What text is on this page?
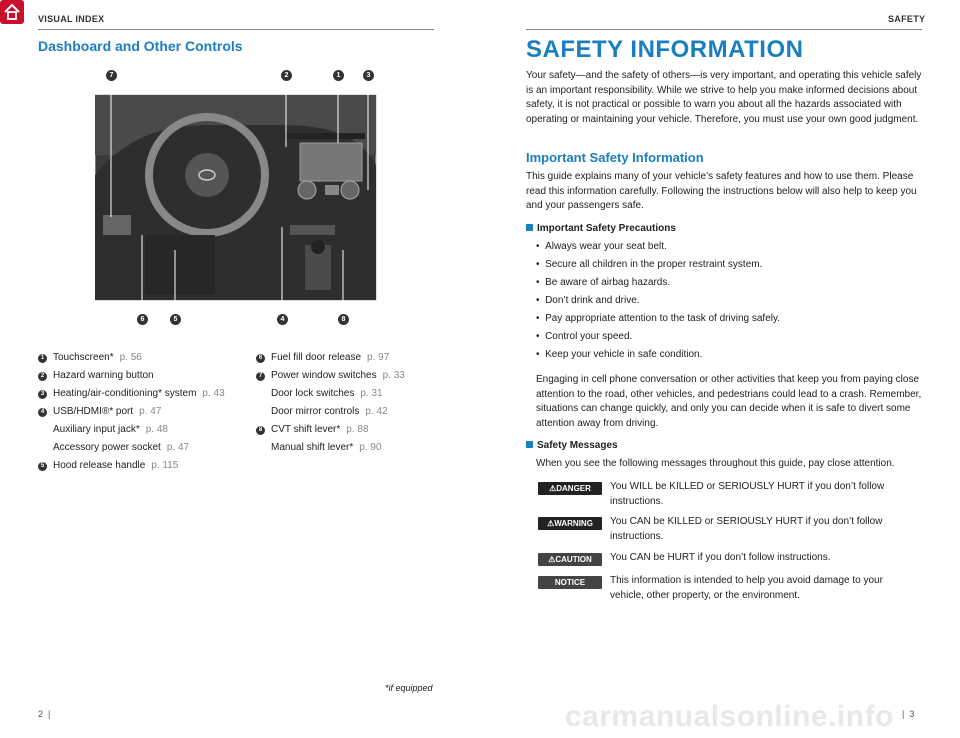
VISUAL INDEX
Dashboard and Other Controls
7	2	1	3
6	5	4	8
1 Touchscreen* p. 56
2 Hazard warning button
3 Heating/air-conditioning* system p. 43
4 USB/HDMI®* port p. 47
Auxiliary input jack* p. 48
Accessory power socket p. 47
5 Hood release handle p. 115
6 Fuel fill door release p. 97
7 Power window switches p. 33
Door lock switches p. 31
Door mirror controls p. 42
8 CVT shift lever* p. 88
Manual shift lever* p. 90
*if equipped
2  |
SAFETY
SAFETY INFORMATION
Your safety—and the safety of others—is very important, and operating this vehicle safely is an important responsibility. While we strive to help you make informed decisions about safety, it is not practical or possible to warn you about all the hazards associated with operating or maintaining your vehicle. Therefore, you must use your own good judgment.
Important Safety Information
This guide explains many of your vehicle’s safety features and how to use them. Please read this information carefully. Following the instructions below will also help to keep you and your passengers safe.
Important Safety Precautions
•  Always wear your seat belt.
•  Secure all children in the proper restraint system.
•  Be aware of airbag hazards.
•  Don’t drink and drive.
•  Pay appropriate attention to the task of driving safely.
•  Control your speed.
•  Keep your vehicle in safe condition.
Engaging in cell phone conversation or other activities that keep you from paying close attention to the road, other vehicles, and pedestrians could lead to a crash. Remember, situations can change quickly, and only you can decide when it is safe to divert some attention away from driving.
Safety Messages
When you see the following messages throughout this guide, pay close attention.
⚠DANGER	You WILL be KILLED or SERIOUSLY HURT if you don’t follow instructions.
⚠WARNING	You CAN be KILLED or SERIOUSLY HURT if you don’t follow instructions.
⚠CAUTION	You CAN be HURT if you don’t follow instructions.
NOTICE	This information is intended to help you avoid damage to your vehicle, other property, or the environment.
|  3
carmanualsonline.info
